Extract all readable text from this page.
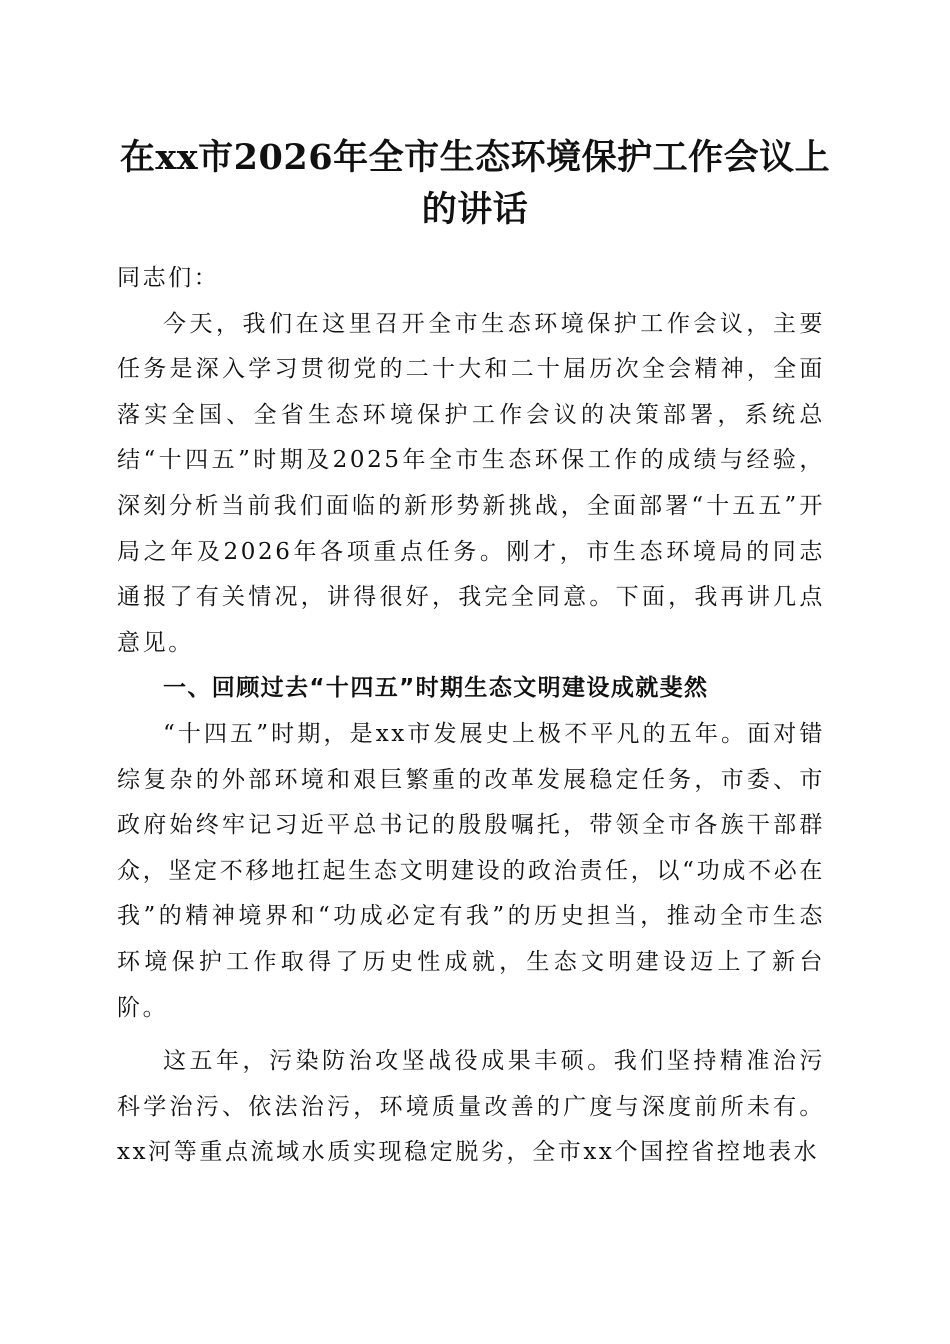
在xx市2026年全市生态环境保护工作会议上的讲话

同志们：

今天，我们在这里召开全市生态环境保护工作会议，主要任务是深入学习贯彻党的二十大和二十届历次全会精神，全面落实全国、全省生态环境保护工作会议的决策部署，系统总结“十四五”时期及2025年全市生态环保工作的成绩与经验，深刻分析当前我们面临的新形势新挑战，全面部署“十五五”开局之年及2026年各项重点任务。刚才，市生态环境局的同志通报了有关情况，讲得很好，我完全同意。下面，我再讲几点意见。

一、回顾过去“十四五”时期生态文明建设成就斐然

“十四五”时期，是xx市发展史上极不平凡的五年。面对错综复杂的外部环境和艰巨繁重的改革发展稳定任务，市委、市政府始终牢记习近平总书记的殷殷嘱托，带领全市各族干部群众，坚定不移地扛起生态文明建设的政治责任，以“功成不必在我”的精神境界和“功成必定有我”的历史担当，推动全市生态环境保护工作取得了历史性成就，生态文明建设迈上了新台阶。

这五年，污染防治攻坚战役成果丰硕。我们坚持精准治污科学治污、依法治污，环境质量改善的广度与深度前所未有。xx河等重点流域水质实现稳定脱劣，全市xx个国控省控地表水
